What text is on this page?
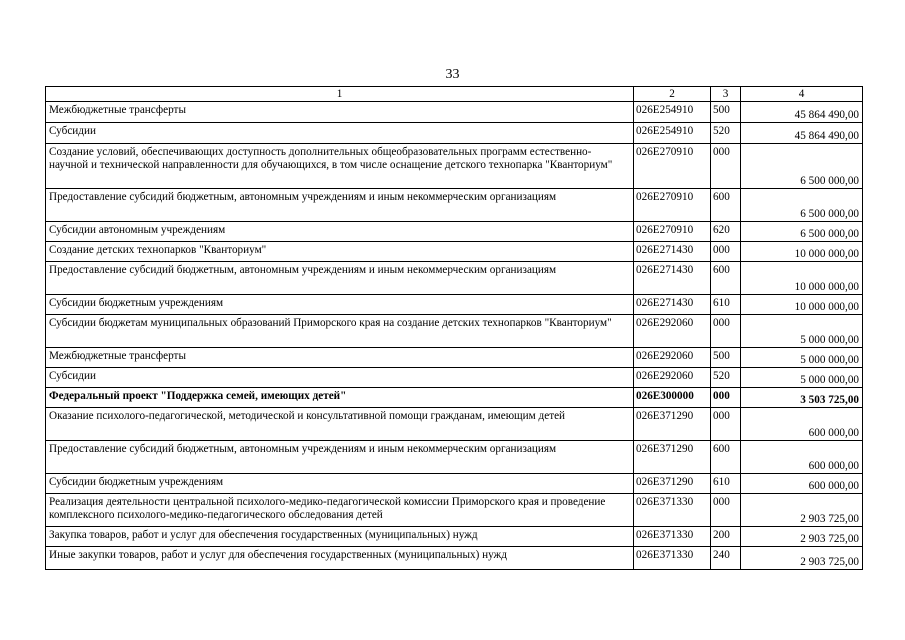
33
1	2	3	4
Межбюджетные трансферты	026E254910	500	45 864 490,00
Субсидии	026E254910	520	45 864 490,00
Создание условий, обеспечивающих доступность дополнительных общеобразовательных программ естественно-научной и технической направленности для обучающихся, в том числе оснащение детского технопарка "Кванториум"	026E270910	000	6 500 000,00
Предоставление субсидий бюджетным, автономным учреждениям и иным некоммерческим организациям	026E270910	600	6 500 000,00
Субсидии автономным учреждениям	026E270910	620	6 500 000,00
Создание детских технопарков "Кванториум"	026E271430	000	10 000 000,00
Предоставление субсидий бюджетным, автономным учреждениям и иным некоммерческим организациям	026E271430	600	10 000 000,00
Субсидии бюджетным учреждениям	026E271430	610	10 000 000,00
Субсидии бюджетам муниципальных образований Приморского края на создание детских технопарков "Кванториум"	026E292060	000	5 000 000,00
Межбюджетные трансферты	026E292060	500	5 000 000,00
Субсидии	026E292060	520	5 000 000,00
Федеральный проект "Поддержка семей, имеющих детей"	026E300000	000	3 503 725,00
Оказание психолого-педагогической, методической и консультативной помощи гражданам, имеющим детей	026E371290	000	600 000,00
Предоставление субсидий бюджетным, автономным учреждениям и иным некоммерческим организациям	026E371290	600	600 000,00
Субсидии бюджетным учреждениям	026E371290	610	600 000,00
Реализация деятельности центральной психолого-медико-педагогической комиссии Приморского края и проведение комплексного психолого-медико-педагогического обследования детей	026E371330	000	2 903 725,00
Закупка товаров, работ и услуг для обеспечения государственных (муниципальных) нужд	026E371330	200	2 903 725,00
Иные закупки товаров, работ и услуг для обеспечения государственных (муниципальных) нужд	026E371330	240	2 903 725,00
